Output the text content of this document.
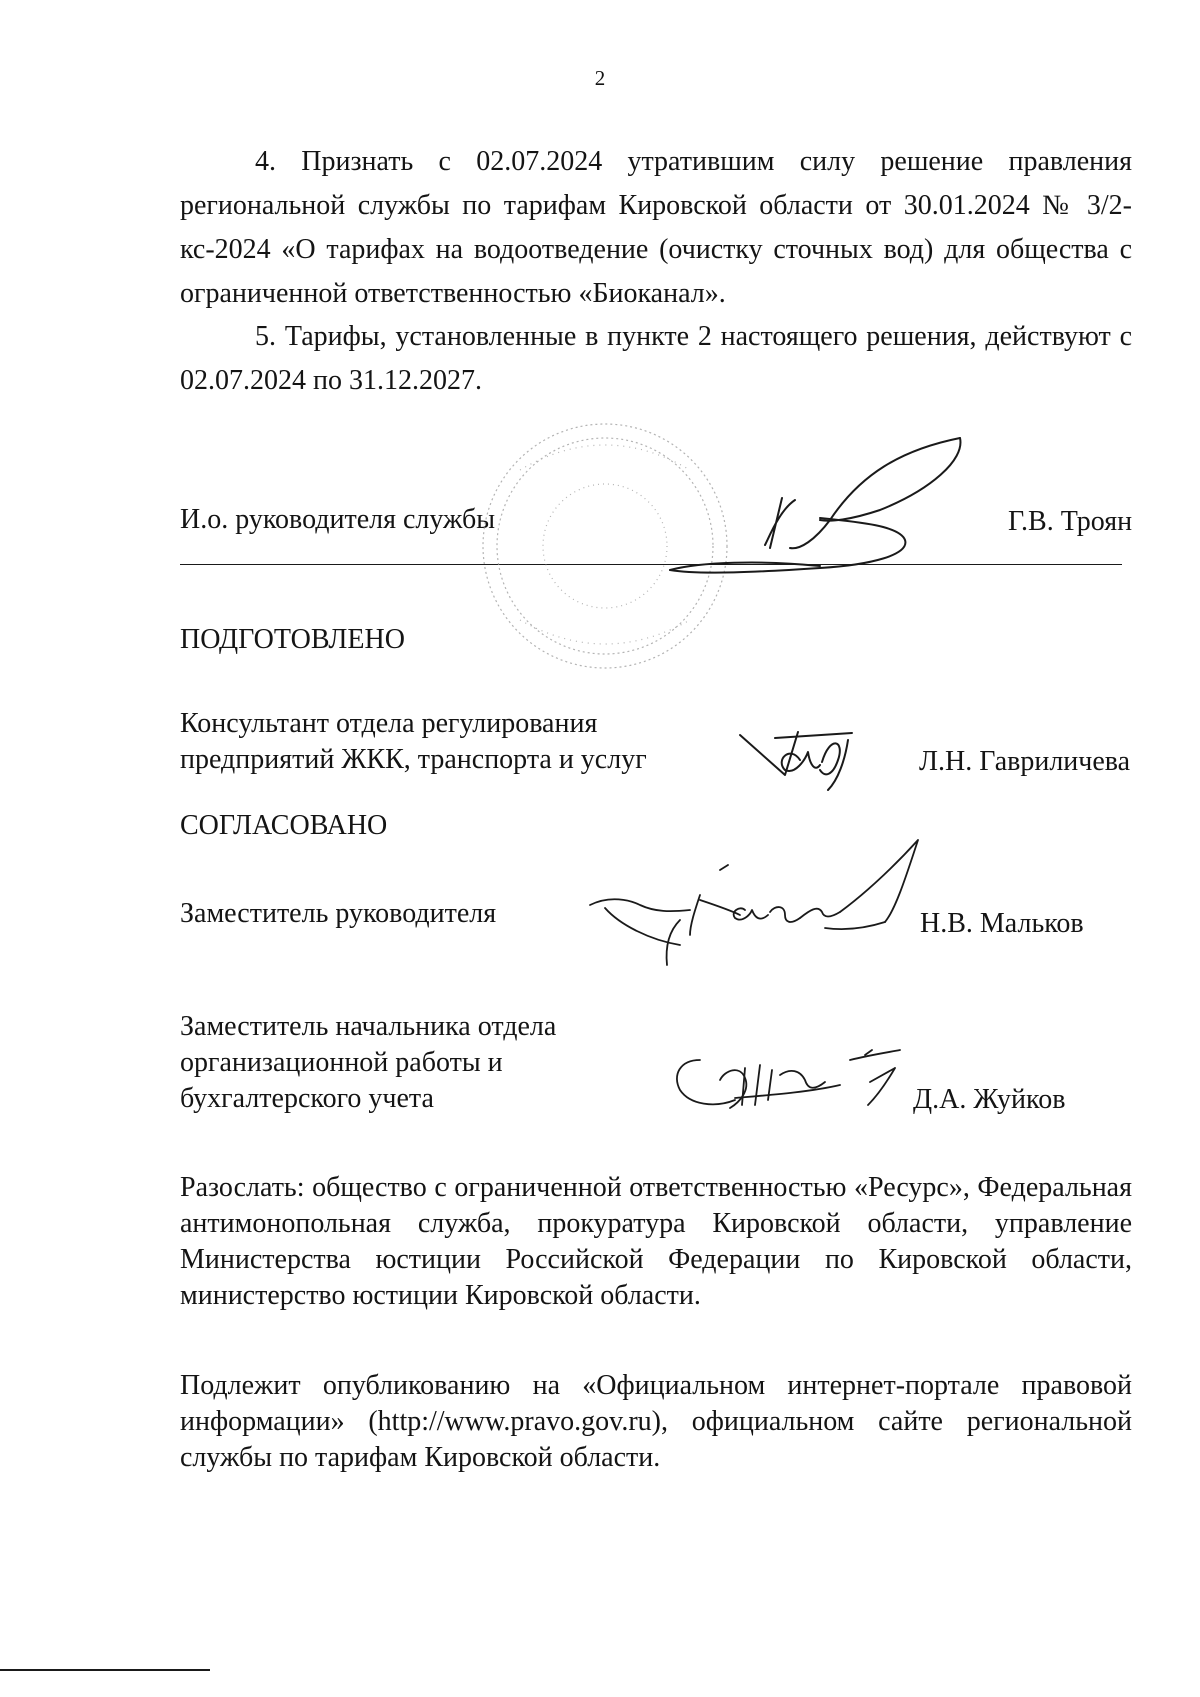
2

4. Признать с 02.07.2024 утратившим силу решение правления региональной службы по тарифам Кировской области от 30.01.2024 № 3/2-кс-2024 «О тарифах на водоотведение (очистку сточных вод) для общества с ограниченной ответственностью «Биоканал».

5. Тарифы, установленные в пункте 2 настоящего решения, действуют с 02.07.2024 по 31.12.2027.

И.о. руководителя службы	Г.В. Троян
ПОДГОТОВЛЕНО
Консультант отдела регулирования
предприятий ЖКК, транспорта и услуг	Л.Н. Гавриличева
СОГЛАСОВАНО
Заместитель руководителя	Н.В. Мальков
Заместитель начальника отдела
организационной работы и
бухгалтерского учета	Д.А. Жуйков

Разослать: общество с ограниченной ответственностью «Ресурс», Федеральная антимонопольная служба, прокуратура Кировской области, управление Министерства юстиции Российской Федерации по Кировской области, министерство юстиции Кировской области.

Подлежит опубликованию на «Официальном интернет-портале правовой информации» (http://www.pravo.gov.ru), официальном сайте региональной службы по тарифам Кировской области.
